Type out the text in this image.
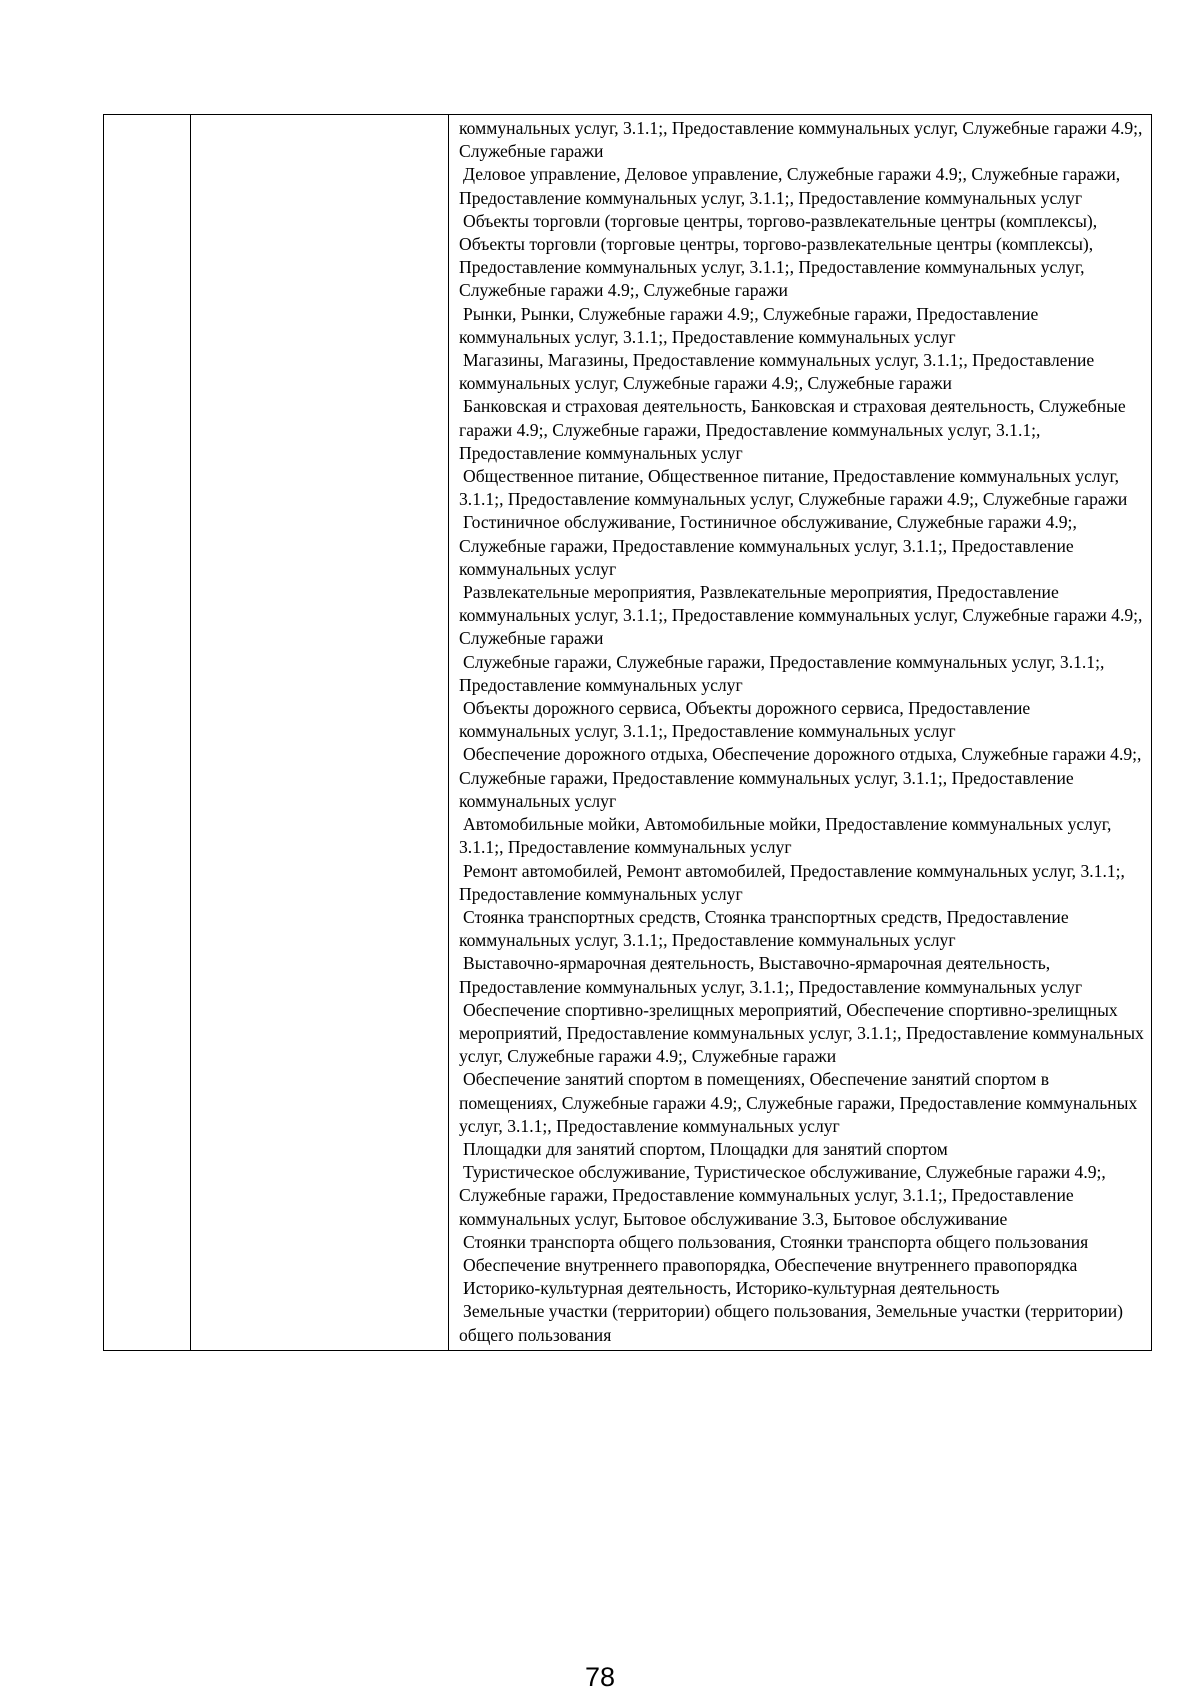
коммунальных услуг, 3.1.1;, Предоставление коммунальных услуг, Служебные гаражи 4.9;, Служебные гаражи

Деловое управление, Деловое управление, Служебные гаражи 4.9;, Служебные гаражи, Предоставление коммунальных услуг, 3.1.1;, Предоставление коммунальных услуг

Объекты торговли (торговые центры, торгово-развлекательные центры (комплексы), Объекты торговли (торговые центры, торгово-развлекательные центры (комплексы), Предоставление коммунальных услуг, 3.1.1;, Предоставление коммунальных услуг, Служебные гаражи 4.9;, Служебные гаражи

Рынки, Рынки, Служебные гаражи 4.9;, Служебные гаражи, Предоставление коммунальных услуг, 3.1.1;, Предоставление коммунальных услуг

Магазины, Магазины, Предоставление коммунальных услуг, 3.1.1;, Предоставление коммунальных услуг, Служебные гаражи 4.9;, Служебные гаражи

Банковская и страховая деятельность, Банковская и страховая деятельность, Служебные гаражи 4.9;, Служебные гаражи, Предоставление коммунальных услуг, 3.1.1;, Предоставление коммунальных услуг

Общественное питание, Общественное питание, Предоставление коммунальных услуг, 3.1.1;, Предоставление коммунальных услуг, Служебные гаражи 4.9;, Служебные гаражи

Гостиничное обслуживание, Гостиничное обслуживание, Служебные гаражи 4.9;, Служебные гаражи, Предоставление коммунальных услуг, 3.1.1;, Предоставление коммунальных услуг

Развлекательные мероприятия, Развлекательные мероприятия, Предоставление коммунальных услуг, 3.1.1;, Предоставление коммунальных услуг, Служебные гаражи 4.9;, Служебные гаражи

Служебные гаражи, Служебные гаражи, Предоставление коммунальных услуг, 3.1.1;, Предоставление коммунальных услуг

Объекты дорожного сервиса, Объекты дорожного сервиса, Предоставление коммунальных услуг, 3.1.1;, Предоставление коммунальных услуг

Обеспечение дорожного отдыха, Обеспечение дорожного отдыха, Служебные гаражи 4.9;, Служебные гаражи, Предоставление коммунальных услуг, 3.1.1;, Предоставление коммунальных услуг

Автомобильные мойки, Автомобильные мойки, Предоставление коммунальных услуг, 3.1.1;, Предоставление коммунальных услуг

Ремонт автомобилей, Ремонт автомобилей, Предоставление коммунальных услуг, 3.1.1;, Предоставление коммунальных услуг

Стоянка транспортных средств, Стоянка транспортных средств, Предоставление коммунальных услуг, 3.1.1;, Предоставление коммунальных услуг

Выставочно-ярмарочная деятельность, Выставочно-ярмарочная деятельность, Предоставление коммунальных услуг, 3.1.1;, Предоставление коммунальных услуг

Обеспечение спортивно-зрелищных мероприятий, Обеспечение спортивно-зрелищных мероприятий, Предоставление коммунальных услуг, 3.1.1;, Предоставление коммунальных услуг, Служебные гаражи 4.9;, Служебные гаражи

Обеспечение занятий спортом в помещениях, Обеспечение занятий спортом в помещениях, Служебные гаражи 4.9;, Служебные гаражи, Предоставление коммунальных услуг, 3.1.1;, Предоставление коммунальных услуг

Площадки для занятий спортом, Площадки для занятий спортом

Туристическое обслуживание, Туристическое обслуживание, Служебные гаражи 4.9;, Служебные гаражи, Предоставление коммунальных услуг, 3.1.1;, Предоставление коммунальных услуг, Бытовое обслуживание 3.3, Бытовое обслуживание

Стоянки транспорта общего пользования, Стоянки транспорта общего пользования

Обеспечение внутреннего правопорядка, Обеспечение внутреннего правопорядка

Историко-культурная деятельность, Историко-культурная деятельность

Земельные участки (территории) общего пользования, Земельные участки (территории) общего пользования

78
